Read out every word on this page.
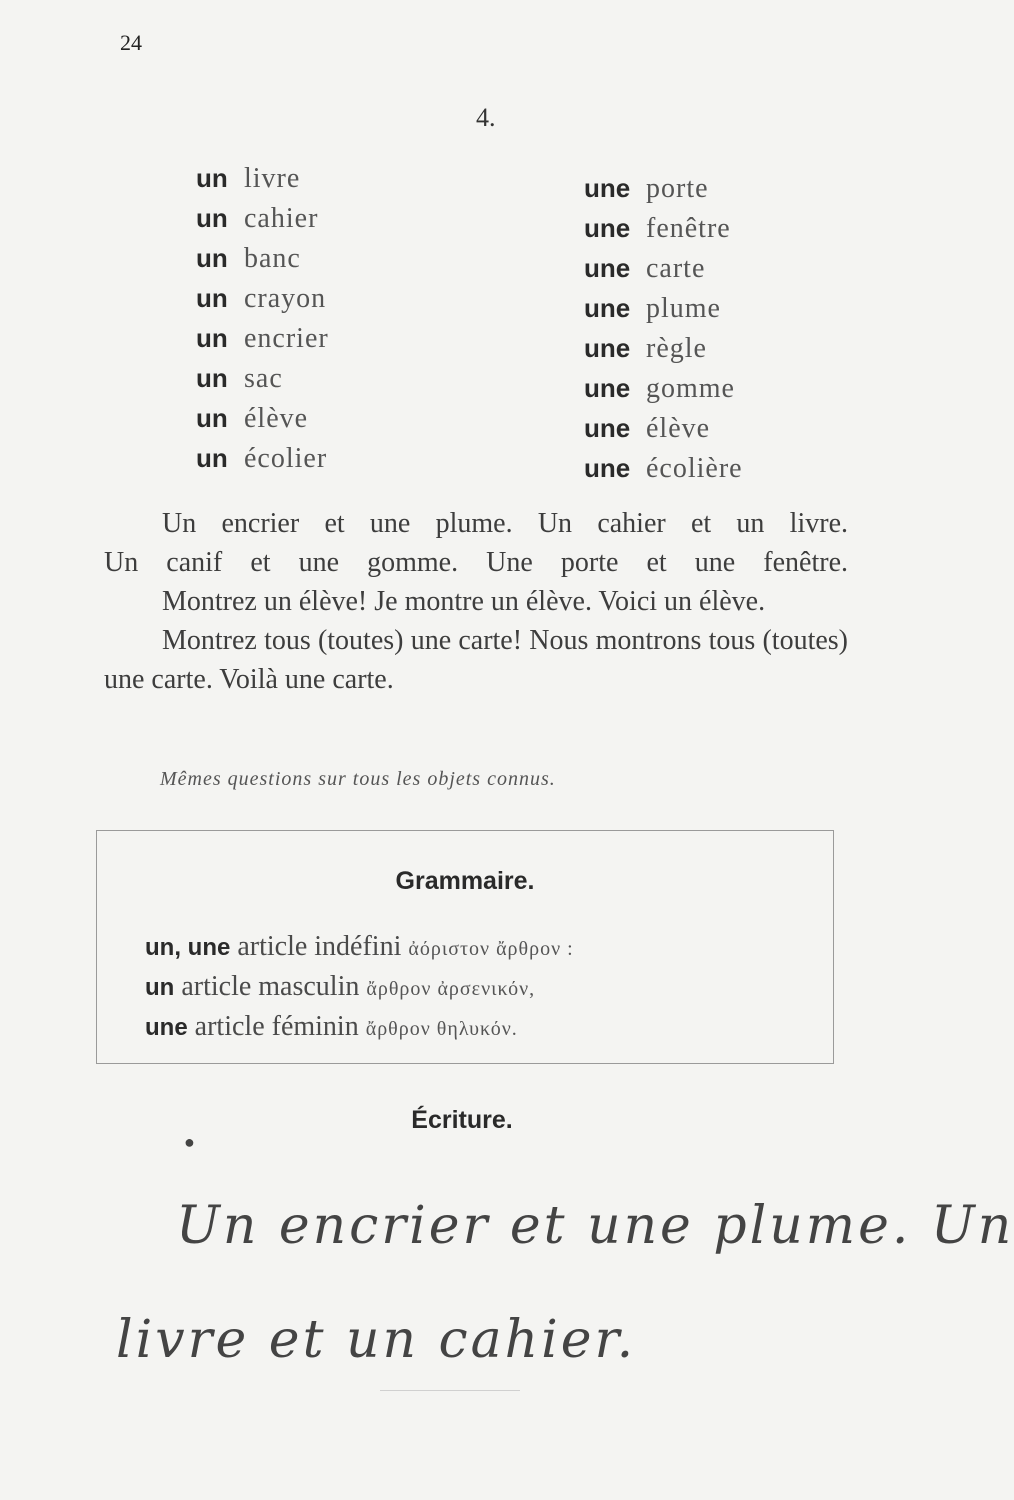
24
4.
un livre
un cahier
un banc
un crayon
un encrier
un sac
un élève
un écolier
une porte
une fenêtre
une carte
une plume
une règle
une gomme
une élève
une écolière

Un encrier et une plume. Un cahier et un livre.

Un canif et une gomme. Une porte et une fenêtre.

Montrez un élève! Je montre un élève. Voici un élève.

Montrez tous (toutes) une carte! Nous montrons tous (toutes) une carte. Voilà une carte.

Mêmes questions sur tous les objets connus.
Grammaire.
un, une article indéfini ἀόριστον ἄρθρον :
un article masculin ἄρθρον ἀρσενικόν,
une article féminin ἄρθρον θηλυκόν.
Écriture.
●
Un encrier et une plume. Un
livre et un cahier.
